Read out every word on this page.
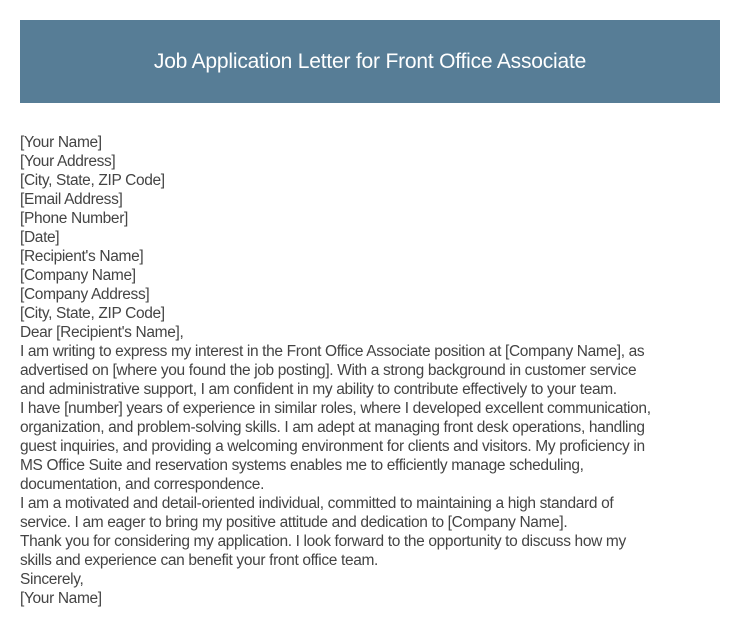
Job Application Letter for Front Office Associate
[Your Name]
[Your Address]
[City, State, ZIP Code]
[Email Address]
[Phone Number]
[Date]
[Recipient's Name]
[Company Name]
[Company Address]
[City, State, ZIP Code]
Dear [Recipient's Name],
I am writing to express my interest in the Front Office Associate position at [Company Name], as
advertised on [where you found the job posting]. With a strong background in customer service
and administrative support, I am confident in my ability to contribute effectively to your team.
I have [number] years of experience in similar roles, where I developed excellent communication,
organization, and problem-solving skills. I am adept at managing front desk operations, handling
guest inquiries, and providing a welcoming environment for clients and visitors. My proficiency in
MS Office Suite and reservation systems enables me to efficiently manage scheduling,
documentation, and correspondence.
I am a motivated and detail-oriented individual, committed to maintaining a high standard of
service. I am eager to bring my positive attitude and dedication to [Company Name].
Thank you for considering my application. I look forward to the opportunity to discuss how my
skills and experience can benefit your front office team.
Sincerely,
[Your Name]
